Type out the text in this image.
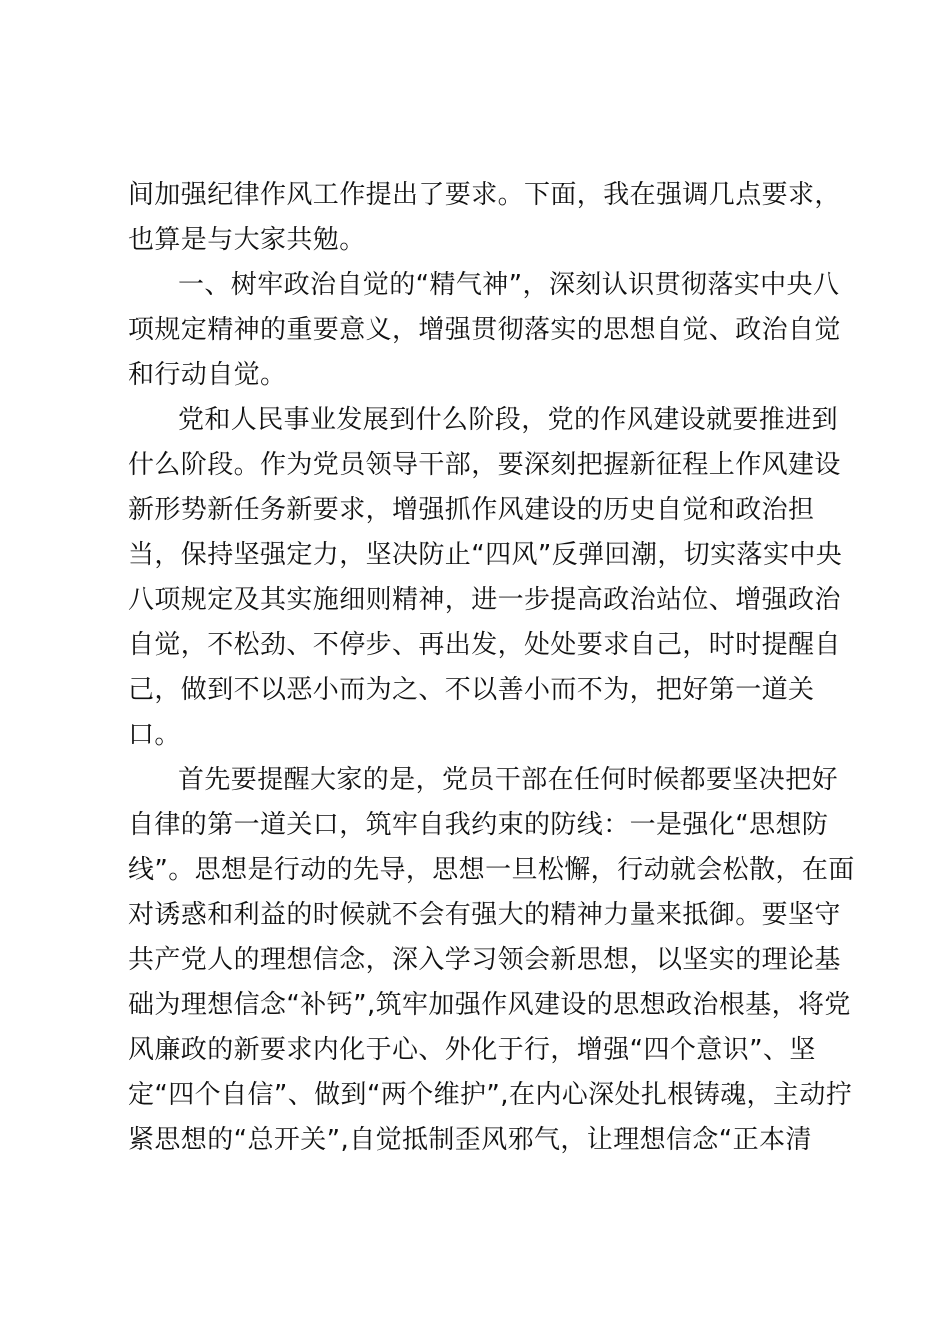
间加强纪律作风工作提出了要求。下面，我在强调几点要求，
也算是与大家共勉。
一、树牢政治自觉的“精气神”，深刻认识贯彻落实中央八
项规定精神的重要意义，增强贯彻落实的思想自觉、政治自觉
和行动自觉。
党和人民事业发展到什么阶段，党的作风建设就要推进到
什么阶段。作为党员领导干部，要深刻把握新征程上作风建设
新形势新任务新要求，增强抓作风建设的历史自觉和政治担
当，保持坚强定力，坚决防止“四风”反弹回潮，切实落实中央
八项规定及其实施细则精神，进一步提高政治站位、增强政治
自觉，不松劲、不停步、再出发，处处要求自己，时时提醒自
己，做到不以恶小而为之、不以善小而不为，把好第一道关
口。
首先要提醒大家的是，党员干部在任何时候都要坚决把好
自律的第一道关口，筑牢自我约束的防线：一是强化“思想防
线”。思想是行动的先导，思想一旦松懈，行动就会松散，在面
对诱惑和利益的时候就不会有强大的精神力量来抵御。要坚守
共产党人的理想信念，深入学习领会新思想，以坚实的理论基
础为理想信念“补钙”,筑牢加强作风建设的思想政治根基，将党
风廉政的新要求内化于心、外化于行，增强“四个意识”、坚
定“四个自信”、做到“两个维护”,在内心深处扎根铸魂，主动拧
紧思想的“总开关”,自觉抵制歪风邪气，让理想信念“正本清
